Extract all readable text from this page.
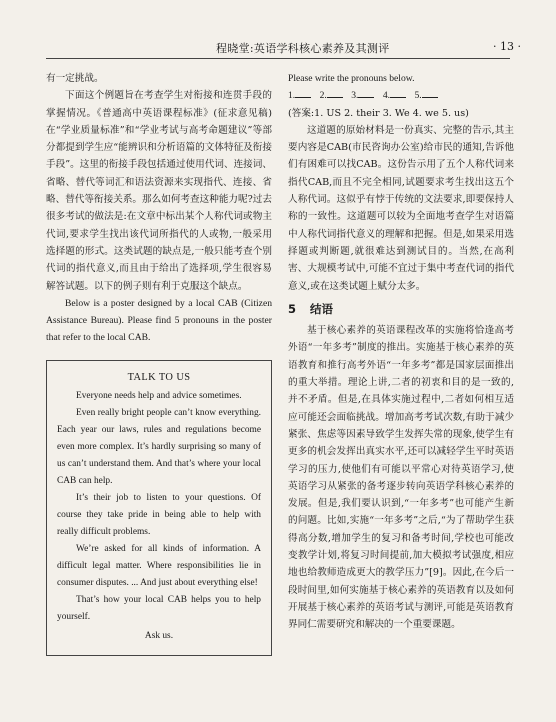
程晓堂:英语学科核心素养及其测评	· 13 ·

有一定挑战。

下面这个例题旨在考查学生对衔接和连贯手段的掌握情况。《普通高中英语课程标准》(征求意见稿)在“学业质量标准”和“学业考试与高考命题建议”等部分都提到学生应“能辨识和分析语篇的文体特征及衔接手段”。这里的衔接手段包括通过使用代词、连接词、省略、替代等词汇和语法资源来实现指代、连接、省略、替代等衔接关系。那么如何考查这种能力呢?过去很多考试的做法是:在文章中标出某个人称代词或物主代词,要求学生找出该代词所指代的人或物,一般采用选择题的形式。这类试题的缺点是,一般只能考查个别代词的指代意义,而且由于给出了选择项,学生很容易解答试题。以下的例子则有利于克服这个缺点。

Below is a poster designed by a local CAB (Citizen Assistance Bureau). Please find 5 pronouns in the poster that refer to the local CAB.

TALK TO US

Everyone needs help and advice sometimes.

Even really bright people can’t know everything. Each year our laws, rules and regulations become even more complex. It’s hardly surprising so many of us can’t understand them. And that’s where your local CAB can help.

It’s their job to listen to your questions. Of course they take pride in being able to help with really difficult problems.

We’re asked for all kinds of information. A difficult legal matter. Where responsibilities lie in consumer disputes. ... And just about everything else!

That’s how your local CAB helps you to help yourself.

Ask us.

Please write the pronouns below.

1.	2.	3.	4.	5.

(答案:1. US 2. their 3. We 4. we 5. us)

这道题的原始材料是一份真实、完整的告示,其主要内容是CAB(市民咨询办公室)给市民的通知,告诉他们有困难可以找CAB。这份告示用了五个人称代词来指代CAB,而且不完全相同,试题要求考生找出这五个人称代词。这似乎有悖于传统的文法要求,即要保持人称的一致性。这道题可以较为全面地考查学生对语篇中人称代词指代意义的理解和把握。但是,如果采用选择题或判断题,就很难达到测试目的。当然,在高利害、大规模考试中,可能不宜过于集中考查代词的指代意义,或在这类试题上赋分太多。

5 结语

基于核心素养的英语课程改革的实施将恰逢高考外语“一年多考”制度的推出。实施基于核心素养的英语教育和推行高考外语“一年多考”都是国家层面推出的重大举措。理论上讲,二者的初衷和目的是一致的,并不矛盾。但是,在具体实施过程中,二者如何相互适应可能还会面临挑战。增加高考考试次数,有助于减少紧张、焦虑等因素导致学生发挥失常的现象,使学生有更多的机会发挥出真实水平,还可以减轻学生平时英语学习的压力,使他们有可能以平常心对待英语学习,使英语学习从紧张的备考逐步转向英语学科核心素养的发展。但是,我们要认识到,“一年多考”也可能产生新的问题。比如,实施“一年多考”之后,“为了帮助学生获得高分数,增加学生的复习和备考时间,学校也可能改变教学计划,将复习时间提前,加大模拟考试强度,相应地也给教师造成更大的教学压力”[9]。因此,在今后一段时间里,如何实施基于核心素养的英语教育以及如何开展基于核心素养的英语考试与测评,可能是英语教育界同仁需要研究和解决的一个重要课题。
